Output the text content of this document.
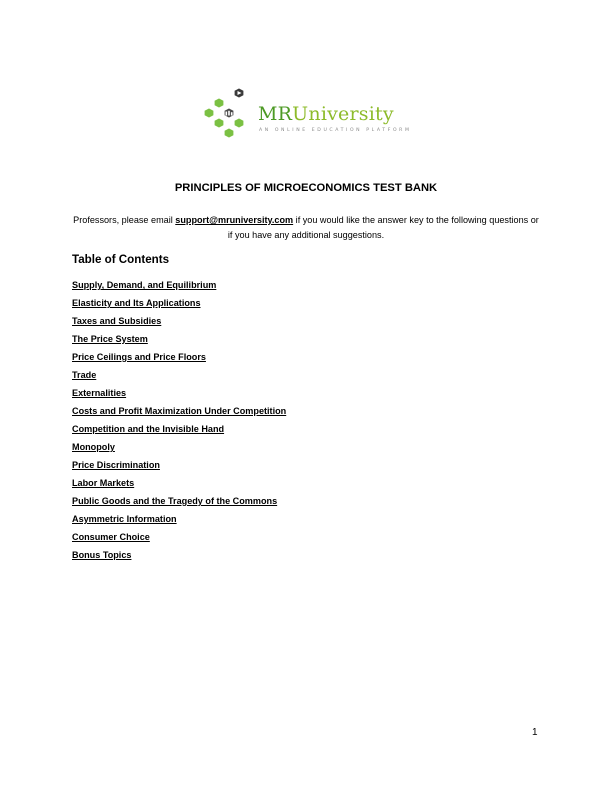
MRUniversity
AN ONLINE EDUCATION PLATFORM
PRINCIPLES OF MICROECONOMICS TEST BANK
Professors, please email support@mruniversity.com if you would like the answer key to the following questions or if you have any additional suggestions.
Table of Contents
Supply, Demand, and Equilibrium
Elasticity and Its Applications
Taxes and Subsidies
The Price System
Price Ceilings and Price Floors
Trade
Externalities
Costs and Profit Maximization Under Competition
Competition and the Invisible Hand
Monopoly
Price Discrimination
Labor Markets
Public Goods and the Tragedy of the Commons
Asymmetric Information
Consumer Choice
Bonus Topics
1
